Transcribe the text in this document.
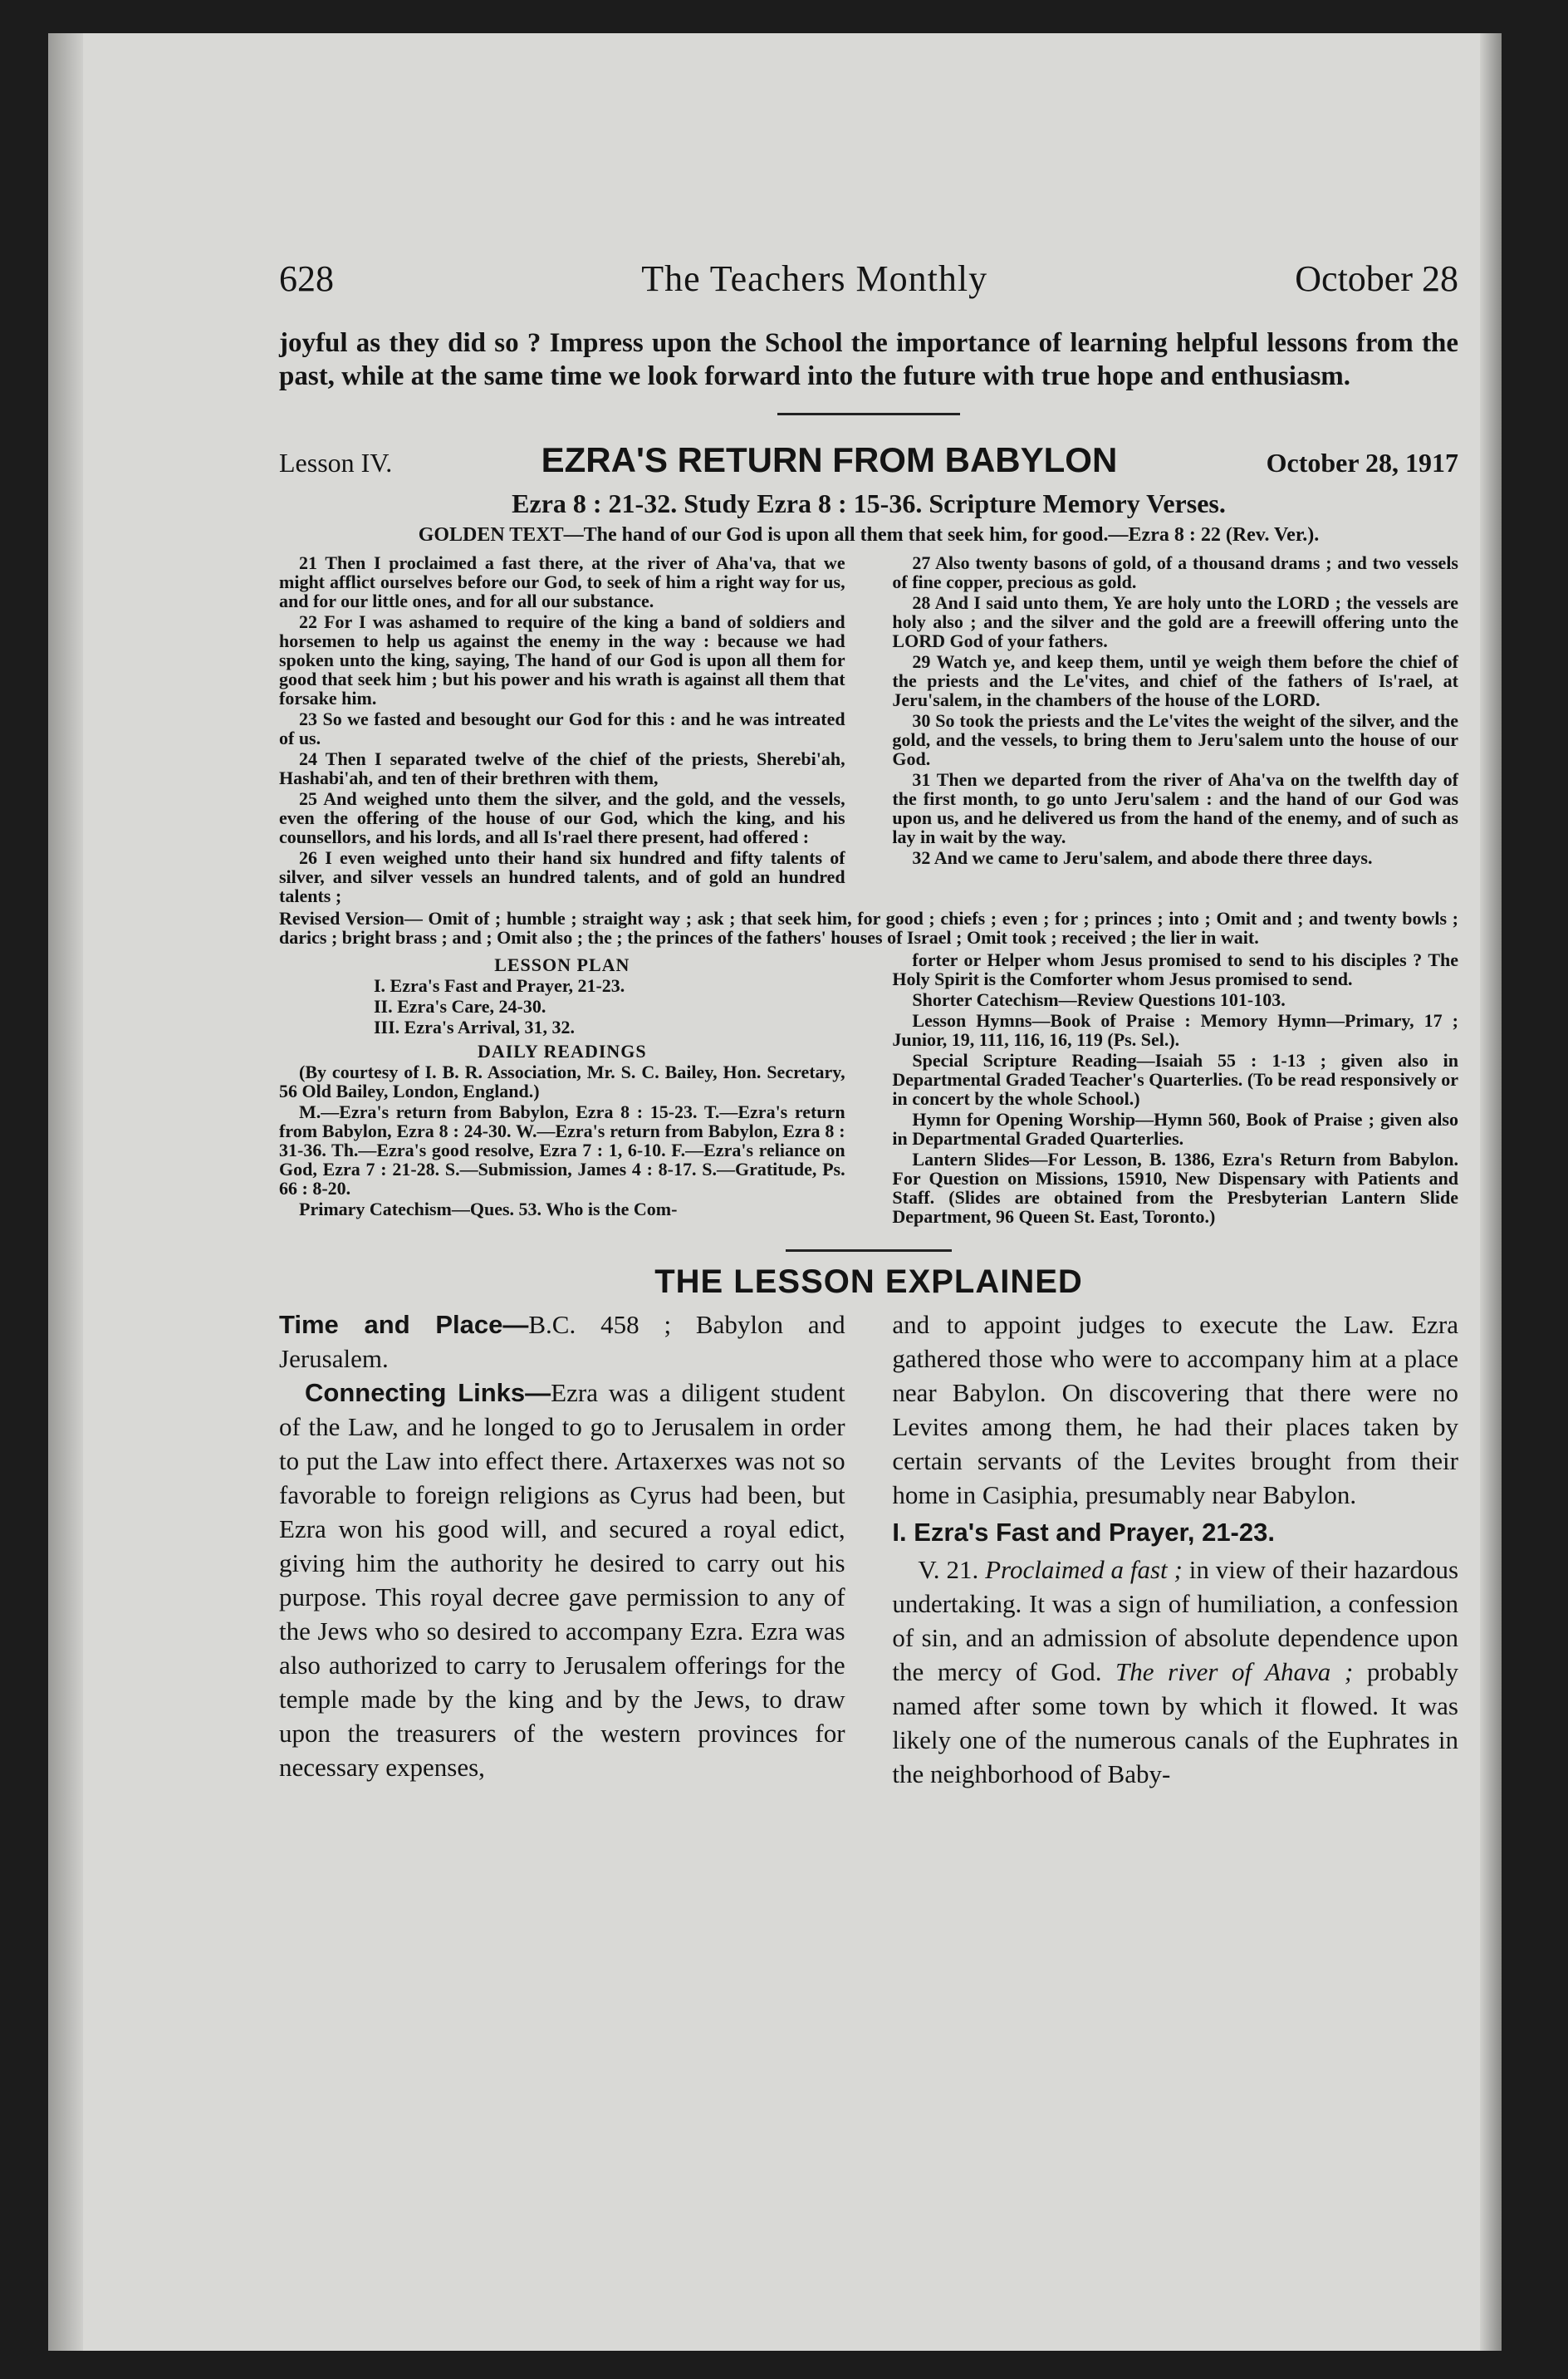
628	The Teachers Monthly	October 28

joyful as they did so ? Impress upon the School the importance of learning helpful lessons from the past, while at the same time we look forward into the future with true hope and enthusiasm.

Lesson IV.	EZRA'S RETURN FROM BABYLON	October 28, 1917
Ezra 8 : 21-32. Study Ezra 8 : 15-36. Scripture Memory Verses.
GOLDEN TEXT—The hand of our God is upon all them that seek him, for good.—Ezra 8 : 22 (Rev. Ver.).

21 Then I proclaimed a fast there, at the river of Aha'va, that we might afflict ourselves before our God, to seek of him a right way for us, and for our little ones, and for all our substance.

22 For I was ashamed to require of the king a band of soldiers and horsemen to help us against the enemy in the way : because we had spoken unto the king, saying, The hand of our God is upon all them for good that seek him ; but his power and his wrath is against all them that forsake him.

23 So we fasted and besought our God for this : and he was intreated of us.

24 Then I separated twelve of the chief of the priests, Sherebi'ah, Hashabi'ah, and ten of their brethren with them,

25 And weighed unto them the silver, and the gold, and the vessels, even the offering of the house of our God, which the king, and his counsellors, and his lords, and all Is'rael there present, had offered :

26 I even weighed unto their hand six hundred and fifty talents of silver, and silver vessels an hundred talents, and of gold an hundred talents ;

27 Also twenty basons of gold, of a thousand drams ; and two vessels of fine copper, precious as gold.

28 And I said unto them, Ye are holy unto the LORD ; the vessels are holy also ; and the silver and the gold are a freewill offering unto the LORD God of your fathers.

29 Watch ye, and keep them, until ye weigh them before the chief of the priests and the Le'vites, and chief of the fathers of Is'rael, at Jeru'salem, in the chambers of the house of the LORD.

30 So took the priests and the Le'vites the weight of the silver, and the gold, and the vessels, to bring them to Jeru'salem unto the house of our God.

31 Then we departed from the river of Aha'va on the twelfth day of the first month, to go unto Jeru'salem : and the hand of our God was upon us, and he delivered us from the hand of the enemy, and of such as lay in wait by the way.

32 And we came to Jeru'salem, and abode there three days.

Revised Version— Omit of ; humble ; straight way ; ask ; that seek him, for good ; chiefs ; even ; for ; princes ; into ; Omit and ; and twenty bowls ; darics ; bright brass ; and ; Omit also ; the ; the princes of the fathers' houses of Israel ; Omit took ; received ; the lier in wait.
LESSON PLAN

I. Ezra's Fast and Prayer, 21-23.

II. Ezra's Care, 24-30.

III. Ezra's Arrival, 31, 32.

DAILY READINGS

(By courtesy of I. B. R. Association, Mr. S. C. Bailey, Hon. Secretary, 56 Old Bailey, London, England.)

M.—Ezra's return from Babylon, Ezra 8 : 15-23. T.—Ezra's return from Babylon, Ezra 8 : 24-30. W.—Ezra's return from Babylon, Ezra 8 : 31-36. Th.—Ezra's good resolve, Ezra 7 : 1, 6-10. F.—Ezra's reliance on God, Ezra 7 : 21-28. S.—Submission, James 4 : 8-17. S.—Gratitude, Ps. 66 : 8-20.

Primary Catechism—Ques. 53. Who is the Com-

forter or Helper whom Jesus promised to send to his disciples ? The Holy Spirit is the Comforter whom Jesus promised to send.

Shorter Catechism—Review Questions 101-103.

Lesson Hymns—Book of Praise : Memory Hymn—Primary, 17 ; Junior, 19, 111, 116, 16, 119 (Ps. Sel.).

Special Scripture Reading—Isaiah 55 : 1-13 ; given also in Departmental Graded Teacher's Quarterlies. (To be read responsively or in concert by the whole School.)

Hymn for Opening Worship—Hymn 560, Book of Praise ; given also in Departmental Graded Quarterlies.

Lantern Slides—For Lesson, B. 1386, Ezra's Return from Babylon. For Question on Missions, 15910, New Dispensary with Patients and Staff. (Slides are obtained from the Presbyterian Lantern Slide Department, 96 Queen St. East, Toronto.)

THE LESSON EXPLAINED

Time and Place—B.C. 458 ; Babylon and Jerusalem.

 Connecting Links—Ezra was a diligent student of the Law, and he longed to go to Jerusalem in order to put the Law into effect there. Artaxerxes was not so favorable to foreign religions as Cyrus had been, but Ezra won his good will, and secured a royal edict, giving him the authority he desired to carry out his purpose. This royal decree gave permission to any of the Jews who so desired to accompany Ezra. Ezra was also authorized to carry to Jerusalem offerings for the temple made by the king and by the Jews, to draw upon the treasurers of the western provinces for necessary expenses,

and to appoint judges to execute the Law. Ezra gathered those who were to accompany him at a place near Babylon. On discovering that there were no Levites among them, he had their places taken by certain servants of the Levites brought from their home in Casiphia, presumably near Babylon.

I. Ezra's Fast and Prayer, 21-23.

 V. 21. Proclaimed a fast ; in view of their hazardous undertaking. It was a sign of humiliation, a confession of sin, and an admission of absolute dependence upon the mercy of God. The river of Ahava ; probably named after some town by which it flowed. It was likely one of the numerous canals of the Euphrates in the neighborhood of Baby-
